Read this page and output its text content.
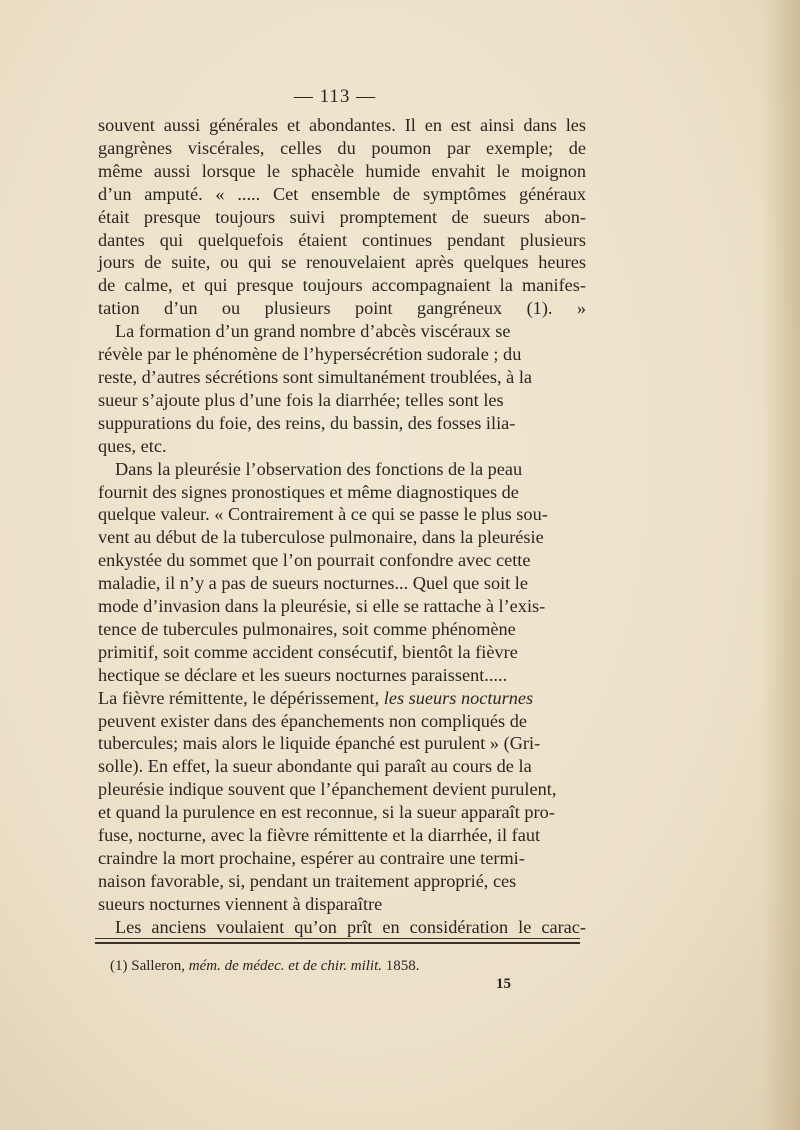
— 113 —

souvent aussi générales et abondantes. Il en est ainsi dans les
gangrènes viscérales, celles du poumon par exemple; de
même aussi lorsque le sphacèle humide envahit le moignon
d’un amputé. « ..... Cet ensemble de symptômes généraux
était presque toujours suivi promptement de sueurs abon-
dantes qui quelquefois étaient continues pendant plusieurs
jours de suite, ou qui se renouvelaient après quelques heures
de calme, et qui presque toujours accompagnaient la manifes-
tation d’un ou plusieurs point gangréneux (1). »

La formation d’un grand nombre d’abcès viscéraux se
révèle par le phénomène de l’hypersécrétion sudorale ; du
reste, d’autres sécrétions sont simultanément troublées, à la
sueur s’ajoute plus d’une fois la diarrhée; telles sont les
suppurations du foie, des reins, du bassin, des fosses ilia-
ques, etc.

Dans la pleurésie l’observation des fonctions de la peau
fournit des signes pronostiques et même diagnostiques de
quelque valeur. « Contrairement à ce qui se passe le plus sou-
vent au début de la tuberculose pulmonaire, dans la pleurésie
enkystée du sommet que l’on pourrait confondre avec cette
maladie, il n’y a pas de sueurs nocturnes... Quel que soit le
mode d’invasion dans la pleurésie, si elle se rattache à l’exis-
tence de tubercules pulmonaires, soit comme phénomène
primitif, soit comme accident consécutif, bientôt la fièvre
hectique se déclare et les sueurs nocturnes paraissent.....
La fièvre rémittente, le dépérissement, les sueurs nocturnes
peuvent exister dans des épanchements non compliqués de
tubercules; mais alors le liquide épanché est purulent » (Gri-
solle). En effet, la sueur abondante qui paraît au cours de la
pleurésie indique souvent que l’épanchement devient purulent,
et quand la purulence en est reconnue, si la sueur apparaît pro-
fuse, nocturne, avec la fièvre rémittente et la diarrhée, il faut
craindre la mort prochaine, espérer au contraire une termi-
naison favorable, si, pendant un traitement approprié, ces
sueurs nocturnes viennent à disparaître

Les anciens voulaient qu’on prît en considération le carac-

(1) Salleron, mém. de médec. et de chir. milit. 1858.
15
